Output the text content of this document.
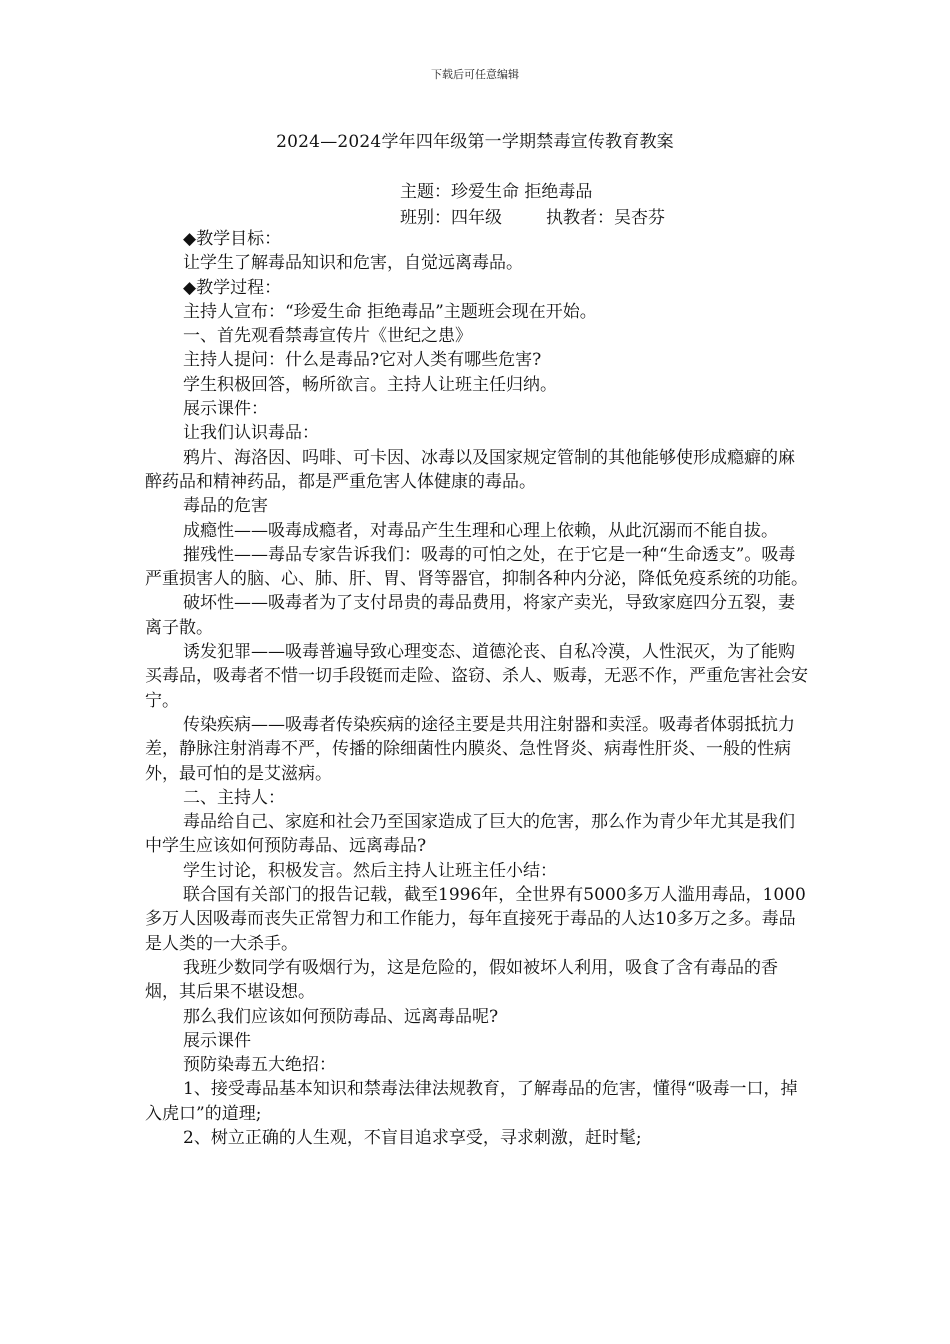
下载后可任意编辑
2024—2024学年四年级第一学期禁毒宣传教育教案
主题：珍爱生命 拒绝毒品
班别：四年级	执教者：吴杏芬

◆教学目标：

让学生了解毒品知识和危害，自觉远离毒品。

◆教学过程：

主持人宣布：“珍爱生命 拒绝毒品”主题班会现在开始。

一、首先观看禁毒宣传片《世纪之患》

主持人提问：什么是毒品?它对人类有哪些危害?

学生积极回答，畅所欲言。主持人让班主任归纳。

展示课件：

让我们认识毒品：

鸦片、海洛因、吗啡、可卡因、冰毒以及国家规定管制的其他能够使形成瘾癖的麻醉药品和精神药品，都是严重危害人体健康的毒品。

毒品的危害

成瘾性——吸毒成瘾者，对毒品产生生理和心理上依赖，从此沉溺而不能自拔。

摧残性——毒品专家告诉我们：吸毒的可怕之处，在于它是一种“生命透支”。吸毒严重损害人的脑、心、肺、肝、胃、肾等器官，抑制各种内分泌，降低免疫系统的功能。

破坏性——吸毒者为了支付昂贵的毒品费用，将家产卖光，导致家庭四分五裂，妻离子散。

诱发犯罪——吸毒普遍导致心理变态、道德沦丧、自私冷漠，人性泯灭，为了能购买毒品，吸毒者不惜一切手段铤而走险、盗窃、杀人、贩毒，无恶不作，严重危害社会安宁。

传染疾病——吸毒者传染疾病的途径主要是共用注射器和卖淫。吸毒者体弱抵抗力差，静脉注射消毒不严，传播的除细菌性内膜炎、急性肾炎、病毒性肝炎、一般的性病外，最可怕的是艾滋病。

二、主持人：

毒品给自己、家庭和社会乃至国家造成了巨大的危害，那么作为青少年尤其是我们中学生应该如何预防毒品、远离毒品?

学生讨论，积极发言。然后主持人让班主任小结：

联合国有关部门的报告记载，截至1996年，全世界有5000多万人滥用毒品，1000多万人因吸毒而丧失正常智力和工作能力，每年直接死于毒品的人达10多万之多。毒品是人类的一大杀手。

我班少数同学有吸烟行为，这是危险的，假如被坏人利用，吸食了含有毒品的香烟，其后果不堪设想。

那么我们应该如何预防毒品、远离毒品呢?

展示课件

预防染毒五大绝招：

1、接受毒品基本知识和禁毒法律法规教育，了解毒品的危害，懂得“吸毒一口，掉入虎口”的道理;

2、树立正确的人生观，不盲目追求享受，寻求刺激，赶时髦;
